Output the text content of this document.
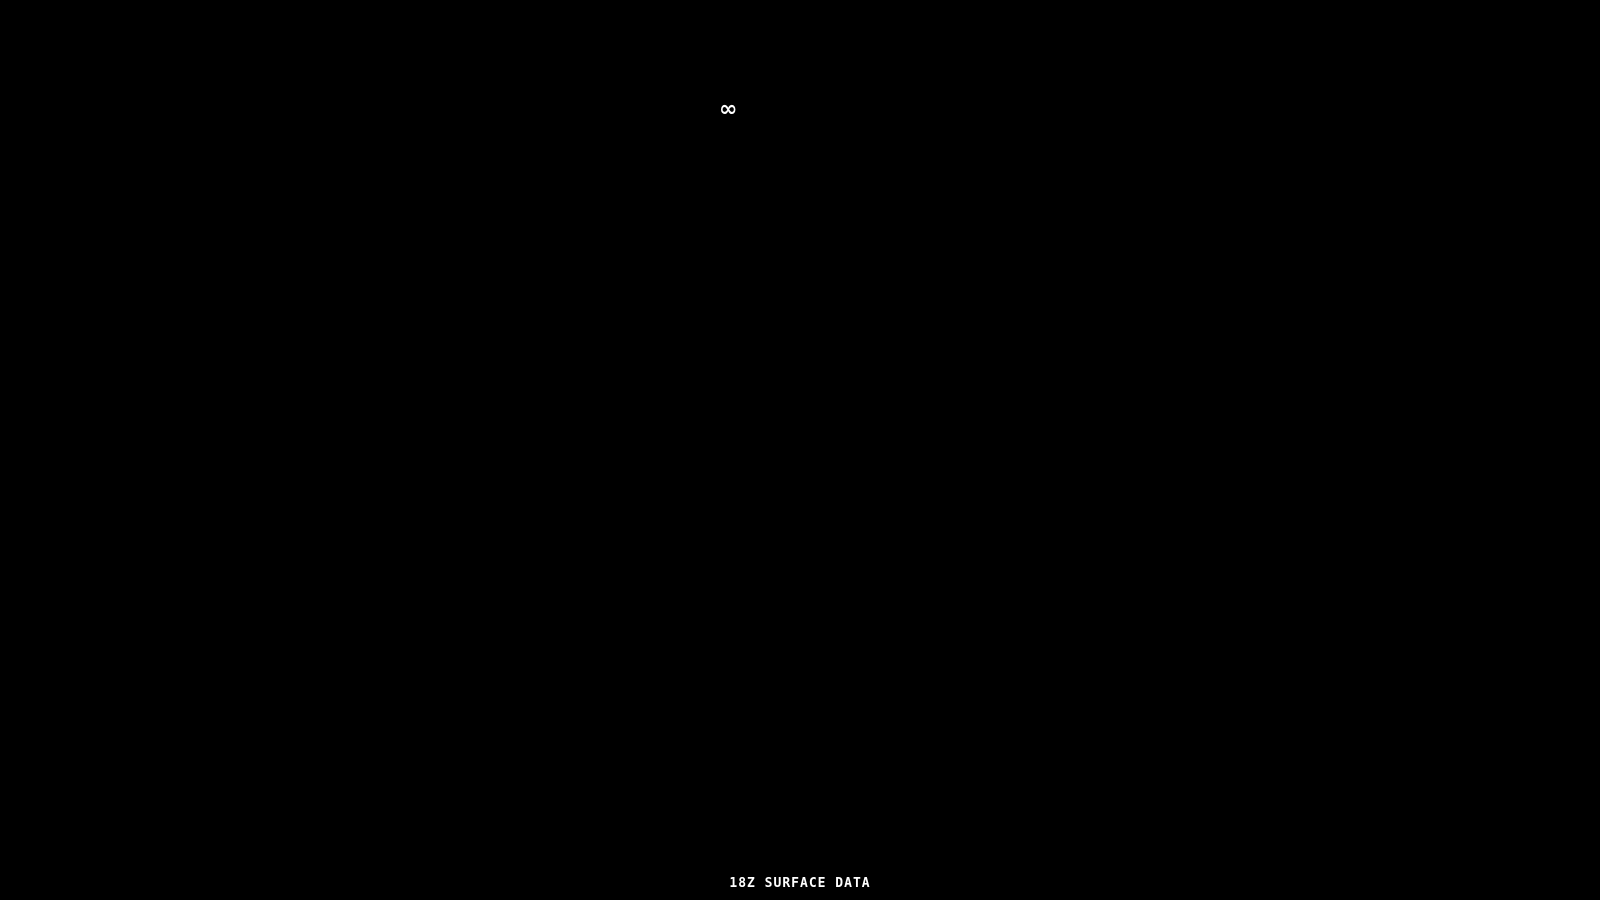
∞
18Z SURFACE DATA
